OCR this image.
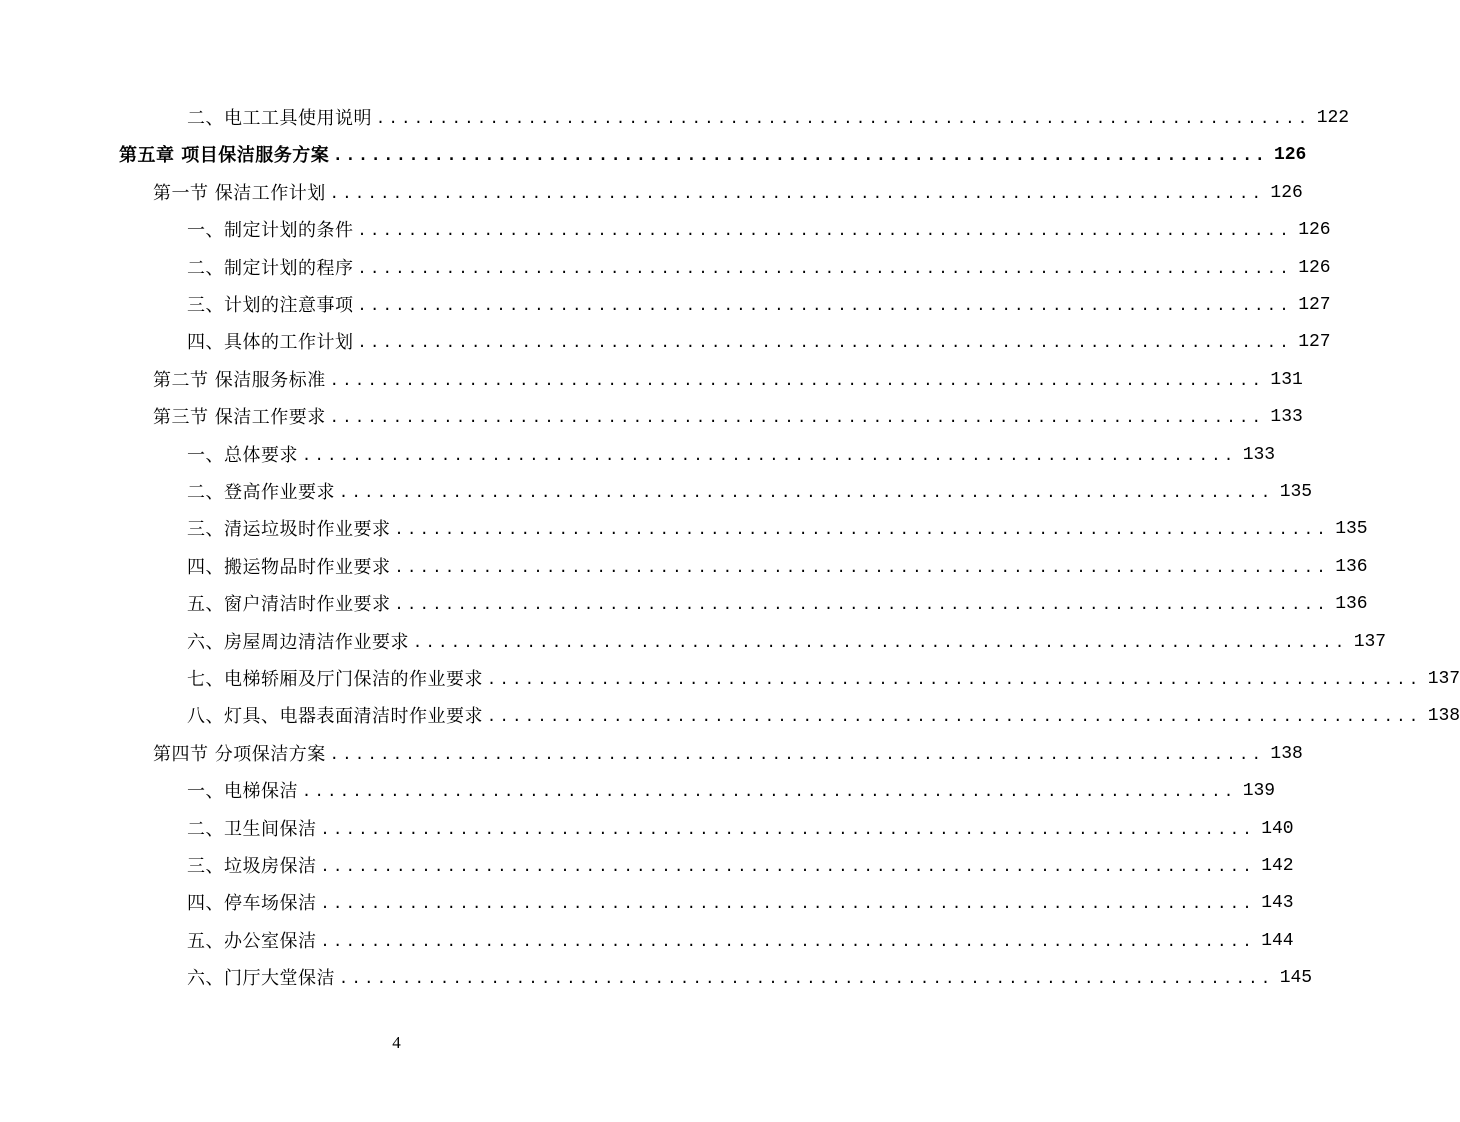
二、电工工具使用说明 .......................................................................... 122
第五章 项目保洁服务方案 .......................................................................... 126
第一节 保洁工作计划 .......................................................................... 126
一、制定计划的条件 .......................................................................... 126
二、制定计划的程序 .......................................................................... 126
三、计划的注意事项 .......................................................................... 127
四、具体的工作计划 .......................................................................... 127
第二节 保洁服务标准 .......................................................................... 131
第三节 保洁工作要求 .......................................................................... 133
一、总体要求 .......................................................................... 133
二、登高作业要求 .......................................................................... 135
三、清运垃圾时作业要求 .......................................................................... 135
四、搬运物品时作业要求 .......................................................................... 136
五、窗户清洁时作业要求 .......................................................................... 136
六、房屋周边清洁作业要求 .......................................................................... 137
七、电梯轿厢及厅门保洁的作业要求 .......................................................................... 137
八、灯具、电器表面清洁时作业要求 .......................................................................... 138
第四节 分项保洁方案 .......................................................................... 138
一、电梯保洁 .......................................................................... 139
二、卫生间保洁 .......................................................................... 140
三、垃圾房保洁 .......................................................................... 142
四、停车场保洁 .......................................................................... 143
五、办公室保洁 .......................................................................... 144
六、门厅大堂保洁 .......................................................................... 145
4
